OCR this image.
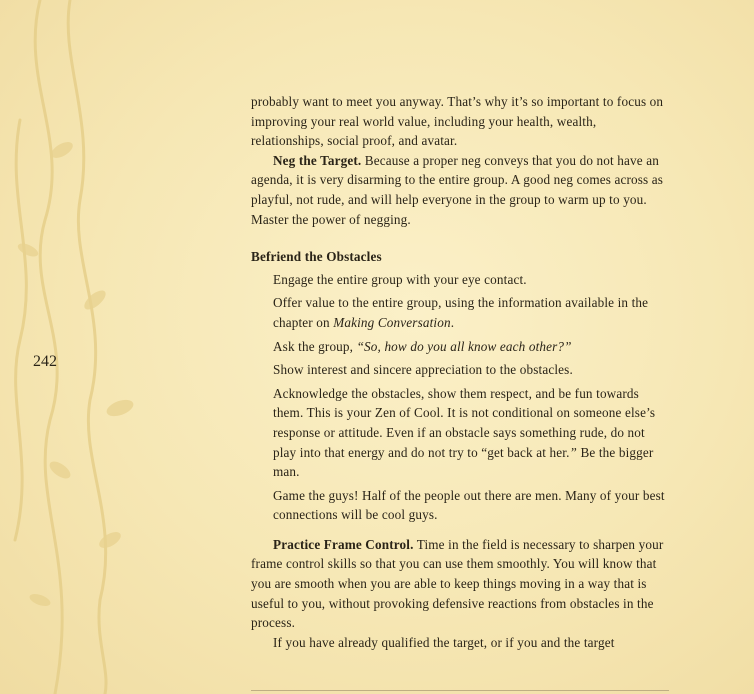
242

probably want to meet you anyway. That’s why it’s so important to focus on improving your real world value, including your health, wealth, relationships, social proof, and avatar.

Neg the Target. Because a proper neg conveys that you do not have an agenda, it is very disarming to the entire group. A good neg comes across as playful, not rude, and will help everyone in the group to warm up to you. Master the power of negging.

Befriend the Obstacles

Engage the entire group with your eye contact.

Offer value to the entire group, using the information available in the chapter on Making Conversation.

Ask the group, “So, how do you all know each other?”

Show interest and sincere appreciation to the obstacles.

Acknowledge the obstacles, show them respect, and be fun towards them. This is your Zen of Cool. It is not conditional on someone else’s response or attitude. Even if an obstacle says something rude, do not play into that energy and do not try to “get back at her.” Be the bigger man.

Game the guys! Half of the people out there are men. Many of your best connections will be cool guys.

Practice Frame Control. Time in the field is necessary to sharpen your frame control skills so that you can use them smoothly. You will know that you are smooth when you are able to keep things moving in a way that is useful to you, without provoking defensive reactions from obstacles in the process.

If you have already qualified the target, or if you and the target
